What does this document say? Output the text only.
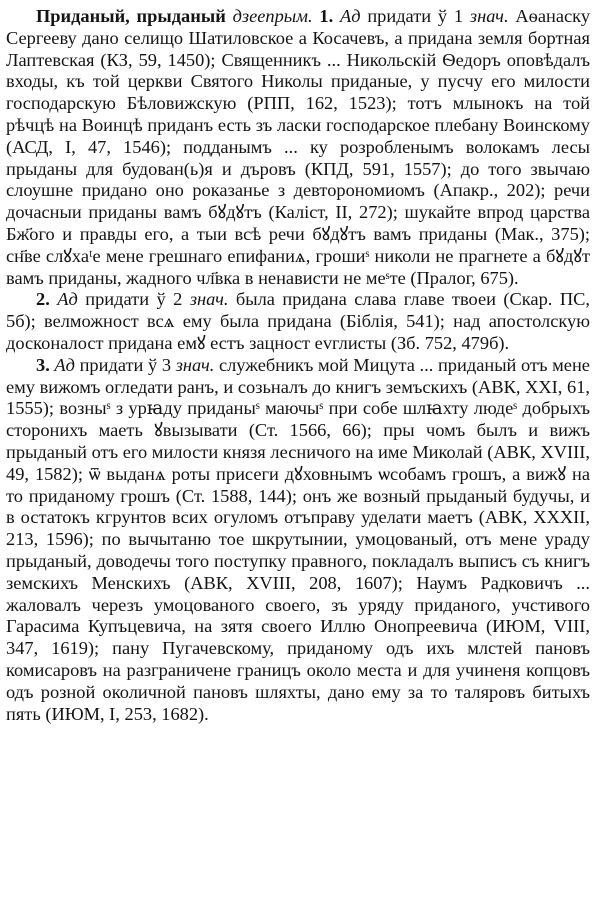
Приданый, пpыданый дзеепрым. 1. Ад придати ў 1 знач. Аѳанаску Сергееву дано селищо Шатиловское а Косачевъ, а придана земля бортная Лаптевская (КЗ, 59, 1450); Священникъ ... Никольскій Ѳедоръ оповѣдалъ входы, къ той церкви Святого Николы приданые, у пусчу его милости господарскую Бѣловижскую (РПП, 162, 1523); тотъ млынокъ на той рѣчцѣ на Воинцѣ приданъ есть зъ ласки господарское плебану Воинскому (АСД, I, 47, 1546); подданымъ ... ку розробленымъ волокамъ лесы прыданы для будован(ь)я и дъровъ (КПД, 591, 1557); до того звычаю слоушне придано оно роказанье з девторономиомъ (Апакр., 202); речи дочасныи приданы вамъ бꙋдꙋтъ (Каліст, II, 272); шукайте впрод царства Бж҃ого и правды его, а тыи всѣ речи бꙋдꙋтъ вамъ приданы (Мак., 375); сн҃ве слꙋхаᵗе мене грешнаго епифаниѧ, грошиˢ николи не прагнете а бꙋдꙋт вамъ приданы, жадного чл҃вка в ненависти не меˢте (Пралог, 675).

2. Ад придати ў 2 знач. была придана слава главе твоеи (Скар. ПС, 5б); велможност всѧ ему была придана (Біблія, 541); над апостолскую досконалост придана емꙋ естъ зацност еvглисты (Зб. 752, 479б).

3. Ад придати ў 3 знач. служебникъ мой Мицута ... приданый отъ мене ему вижомъ огледати ранъ, и созьналъ до книгъ земъскихъ (АВК, XXI, 61, 1555); возныˢ з урꙗду приданыˢ маючыˢ при собе шлꙗхту людеˢ добрыхъ сторонихъ маеть ꙋвызывати (Ст. 1566, 66); пры чомъ былъ и вижъ прыданый отъ его милости князя лесничого на име Миколай (АВК, XVIII, 49, 1582); ѿ выданѧ роты присеги дꙋховнымъ ѡсобамъ грошъ, а вижꙋ на то приданому грошъ (Ст. 1588, 144); онъ же возный прыданый будучы, и в остатокъ кгрунтов всих огуломъ отъправу уделати маетъ (АВК, XXXII, 213, 1596); по вычытаню тое шкрутынии, умоцованый, отъ мене ураду прыданый, доводечы того поступку правного, покладалъ выписъ съ книгъ земскихъ Менскихъ (АВК, XVIII, 208, 1607); Наумъ Радковичъ ... жаловалъ черезъ умоцованого своего, зъ уряду приданого, учстивого Гарасима Купъцевича, на зятя своего Иллю Онопреевича (ИЮМ, VIII, 347, 1619); пану Пугачевскому, приданому одъ ихъ млстей пановъ комисаровъ на разграничене границъ около места и для учиненя копцовъ одъ розной околичной пановъ шляхты, дано ему за то таляровъ битыхъ пять (ИЮМ, I, 253, 1682).
